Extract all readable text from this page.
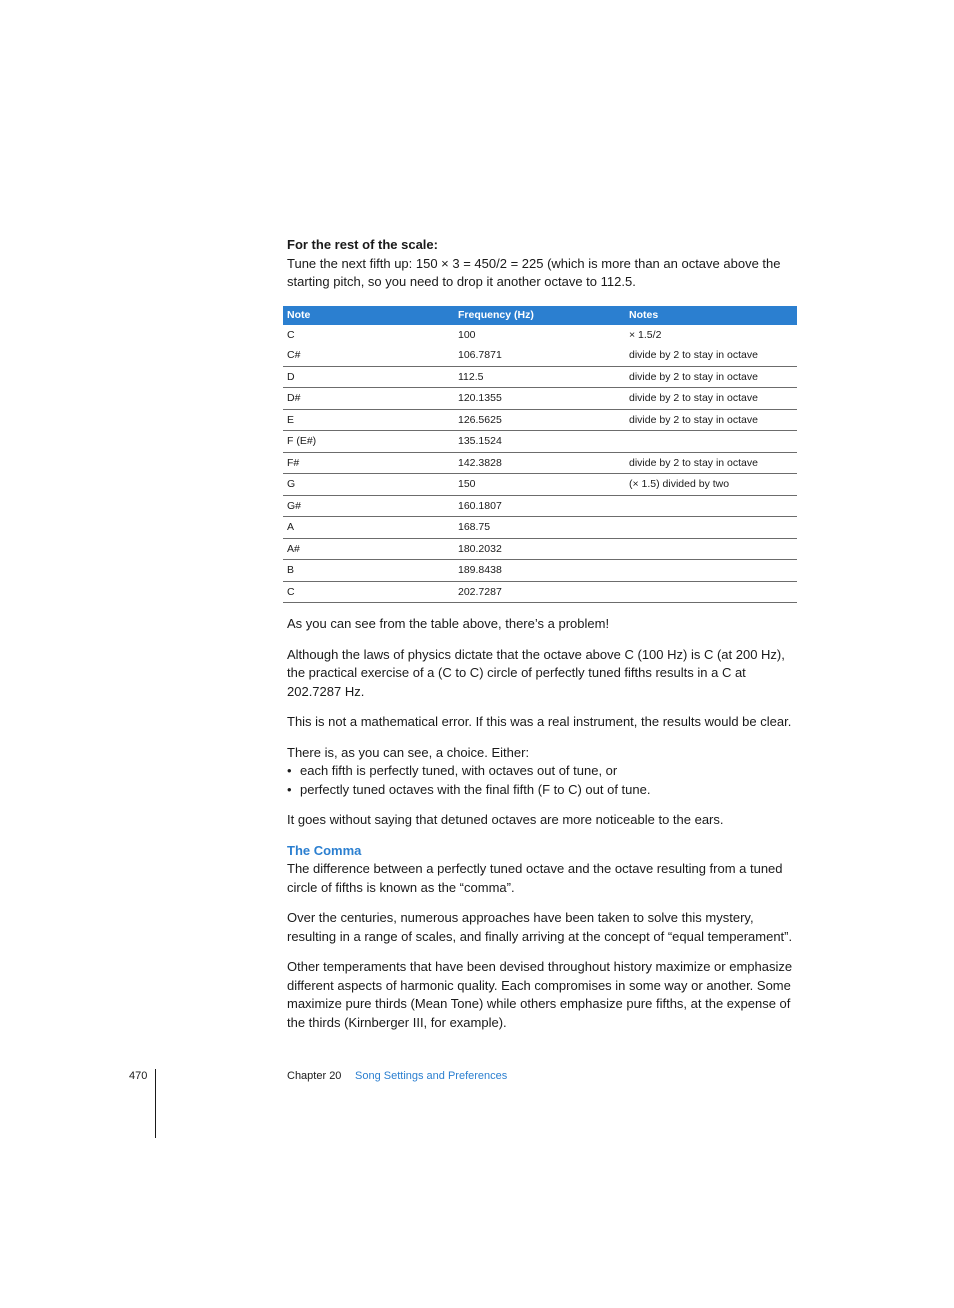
For the rest of the scale:

Tune the next fifth up: 150 × 3 = 450/2 = 225 (which is more than an octave above the starting pitch, so you need to drop it another octave to 112.5.

Note	Frequency (Hz)	Notes
C	100	× 1.5/2
C#	106.7871	divide by 2 to stay in octave
D	112.5	divide by 2 to stay in octave
D#	120.1355	divide by 2 to stay in octave
E	126.5625	divide by 2 to stay in octave
F (E#)	135.1524	
F#	142.3828	divide by 2 to stay in octave
G	150	(× 1.5) divided by two
G#	160.1807	
A	168.75	
A#	180.2032	
B	189.8438	
C	202.7287	

As you can see from the table above, there’s a problem!

Although the laws of physics dictate that the octave above C (100 Hz) is C (at 200 Hz), the practical exercise of a (C to C) circle of perfectly tuned fifths results in a C at 202.7287 Hz.

This is not a mathematical error. If this was a real instrument, the results would be clear.

There is, as you can see, a choice. Either:

• each fifth is perfectly tuned, with octaves out of tune, or
• perfectly tuned octaves with the final fifth (F to C) out of tune.

It goes without saying that detuned octaves are more noticeable to the ears.

The Comma

The difference between a perfectly tuned octave and the octave resulting from a tuned circle of fifths is known as the “comma”.

Over the centuries, numerous approaches have been taken to solve this mystery, resulting in a range of scales, and finally arriving at the concept of “equal temperament”.

Other temperaments that have been devised throughout history maximize or emphasize different aspects of harmonic quality. Each compromises in some way or another. Some maximize pure thirds (Mean Tone) while others emphasize pure fifths, at the expense of the thirds (Kirnberger III, for example).

470	Chapter 20 Song Settings and Preferences
